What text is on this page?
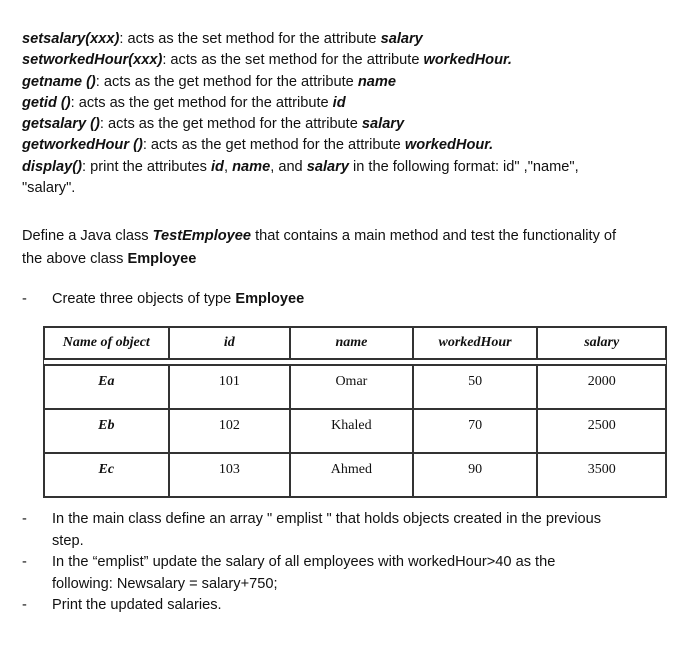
setsalary(xxx): acts as the set method for the attribute salary
setworkedHour(xxx): acts as the set method for the attribute workedHour.
getname (): acts as the get method for the attribute name
getid (): acts as the get method for the attribute id
getsalary (): acts as the get method for the attribute salary
getworkedHour (): acts as the get method for the attribute workedHour.
display(): print the attributes id, name, and salary in the following format: id" ,"name",
"salary".
Define a Java class TestEmployee that contains a main method and test the functionality of
the above class Employee
-	Create three objects of type Employee
Name of object	id	name	workedHour	salary

Ea	101	Omar	50	2000
Eb	102	Khaled	70	2500
Ec	103	Ahmed	90	3500
-	In the main class define an array " emplist " that holds objects created in the previous
step.
-	In the “emplist” update the salary of all employees with workedHour>40 as the
following: Newsalary = salary+750;
-	Print the updated salaries.
